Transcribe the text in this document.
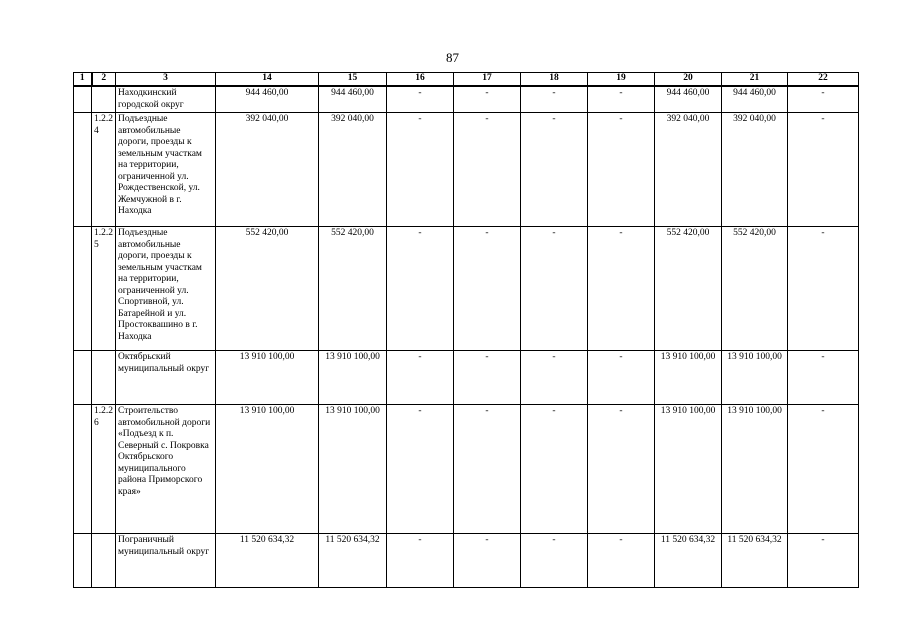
87
1	2	3	14	15	16	17	18	19	20	21	22
		Находкинский городской округ	944 460,00	944 460,00	-	-	-	-	944 460,00	944 460,00	-
	1.2.2 4	Подъездные автомобильные дороги, проезды к земельным участкам на территории, ограниченной ул. Рождественской, ул. Жемчужной в г. Находка	392 040,00	392 040,00	-	-	-	-	392 040,00	392 040,00	-
	1.2.2 5	Подъездные автомобильные дороги, проезды к земельным участкам на территории, ограниченной ул. Спортивной, ул. Батарейной и ул. Простоквашино в г. Находка	552 420,00	552 420,00	-	-	-	-	552 420,00	552 420,00	-
		Октябрьский муниципальный округ	13 910 100,00	13 910 100,00	-	-	-	-	13 910 100,00	13 910 100,00	-
	1.2.2 6	Строительство автомобильной дороги «Подъезд к п. Северный с. Покровка Октябрьского муниципального района Приморского края»	13 910 100,00	13 910 100,00	-	-	-	-	13 910 100,00	13 910 100,00	-
		Пограничный муниципальный округ	11 520 634,32	11 520 634,32	-	-	-	-	11 520 634,32	11 520 634,32	-
